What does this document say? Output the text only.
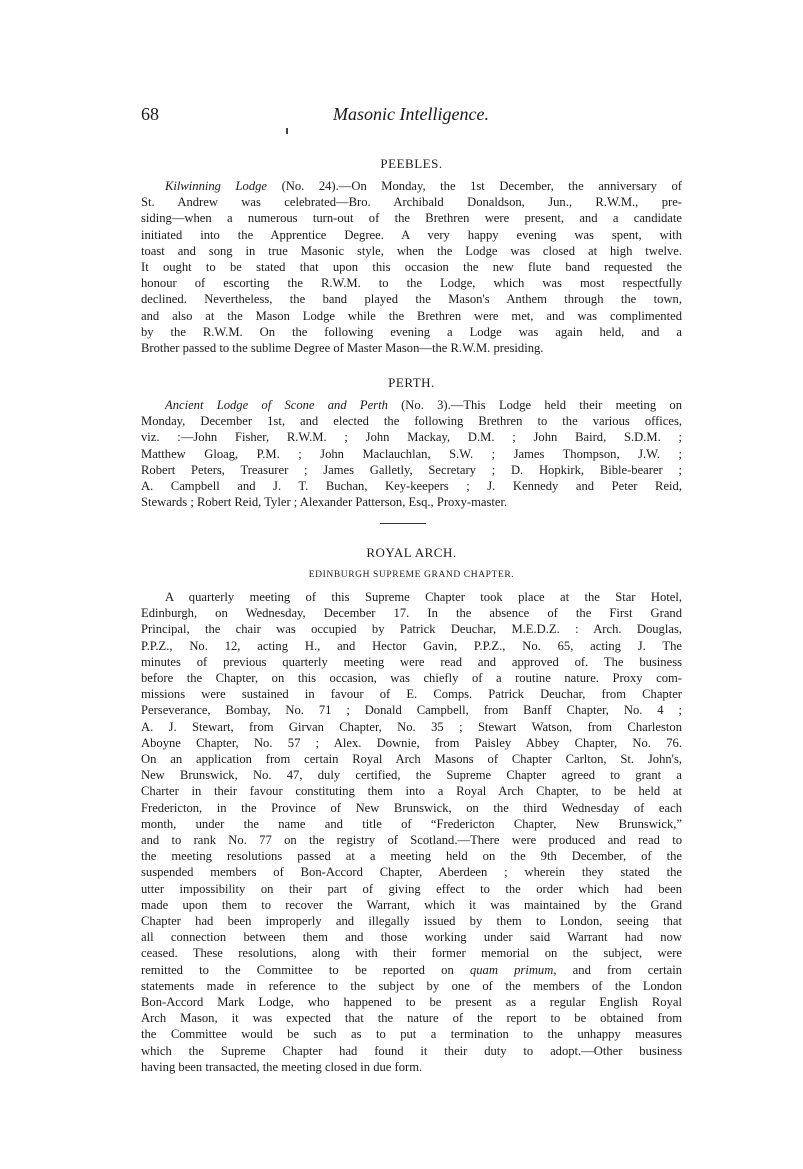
68	Masonic Intelligence.
PEEBLES.
Kilwinning Lodge (No. 24).—On Monday, the 1st December, the anniversary of
St. Andrew was celebrated—Bro. Archibald Donaldson, Jun., R.W.M., pre-
siding—when a numerous turn-out of the Brethren were present, and a candidate
initiated into the Apprentice Degree. A very happy evening was spent, with
toast and song in true Masonic style, when the Lodge was closed at high twelve.
It ought to be stated that upon this occasion the new flute band requested the
honour of escorting the R.W.M. to the Lodge, which was most respectfully
declined. Nevertheless, the band played the Mason's Anthem through the town,
and also at the Mason Lodge while the Brethren were met, and was complimented
by the R.W.M. On the following evening a Lodge was again held, and a
Brother passed to the sublime Degree of Master Mason—the R.W.M. presiding.
PERTH.
Ancient Lodge of Scone and Perth (No. 3).—This Lodge held their meeting on
Monday, December 1st, and elected the following Brethren to the various offices,
viz. :—John Fisher, R.W.M. ; John Mackay, D.M. ; John Baird, S.D.M. ;
Matthew Gloag, P.M. ; John Maclauchlan, S.W. ; James Thompson, J.W. ;
Robert Peters, Treasurer ; James Galletly, Secretary ; D. Hopkirk, Bible-bearer ;
A. Campbell and J. T. Buchan, Key-keepers ; J. Kennedy and Peter Reid,
Stewards ; Robert Reid, Tyler ; Alexander Patterson, Esq., Proxy-master.
ROYAL ARCH.
EDINBURGH SUPREME GRAND CHAPTER.
A quarterly meeting of this Supreme Chapter took place at the Star Hotel,
Edinburgh, on Wednesday, December 17. In the absence of the First Grand
Principal, the chair was occupied by Patrick Deuchar, M.E.D.Z. : Arch. Douglas,
P.P.Z., No. 12, acting H., and Hector Gavin, P.P.Z., No. 65, acting J. The
minutes of previous quarterly meeting were read and approved of. The business
before the Chapter, on this occasion, was chiefly of a routine nature. Proxy com-
missions were sustained in favour of E. Comps. Patrick Deuchar, from Chapter
Perseverance, Bombay, No. 71 ; Donald Campbell, from Banff Chapter, No. 4 ;
A. J. Stewart, from Girvan Chapter, No. 35 ; Stewart Watson, from Charleston
Aboyne Chapter, No. 57 ; Alex. Downie, from Paisley Abbey Chapter, No. 76.
On an application from certain Royal Arch Masons of Chapter Carlton, St. John's,
New Brunswick, No. 47, duly certified, the Supreme Chapter agreed to grant a
Charter in their favour constituting them into a Royal Arch Chapter, to be held at
Fredericton, in the Province of New Brunswick, on the third Wednesday of each
month, under the name and title of “Fredericton Chapter, New Brunswick,”
and to rank No. 77 on the registry of Scotland.—There were produced and read to
the meeting resolutions passed at a meeting held on the 9th December, of the
suspended members of Bon-Accord Chapter, Aberdeen ; wherein they stated the
utter impossibility on their part of giving effect to the order which had been
made upon them to recover the Warrant, which it was maintained by the Grand
Chapter had been improperly and illegally issued by them to London, seeing that
all connection between them and those working under said Warrant had now
ceased. These resolutions, along with their former memorial on the subject, were
remitted to the Committee to be reported on quam primum, and from certain
statements made in reference to the subject by one of the members of the London
Bon-Accord Mark Lodge, who happened to be present as a regular English Royal
Arch Mason, it was expected that the nature of the report to be obtained from
the Committee would be such as to put a termination to the unhappy measures
which the Supreme Chapter had found it their duty to adopt.—Other business
having been transacted, the meeting closed in due form.
